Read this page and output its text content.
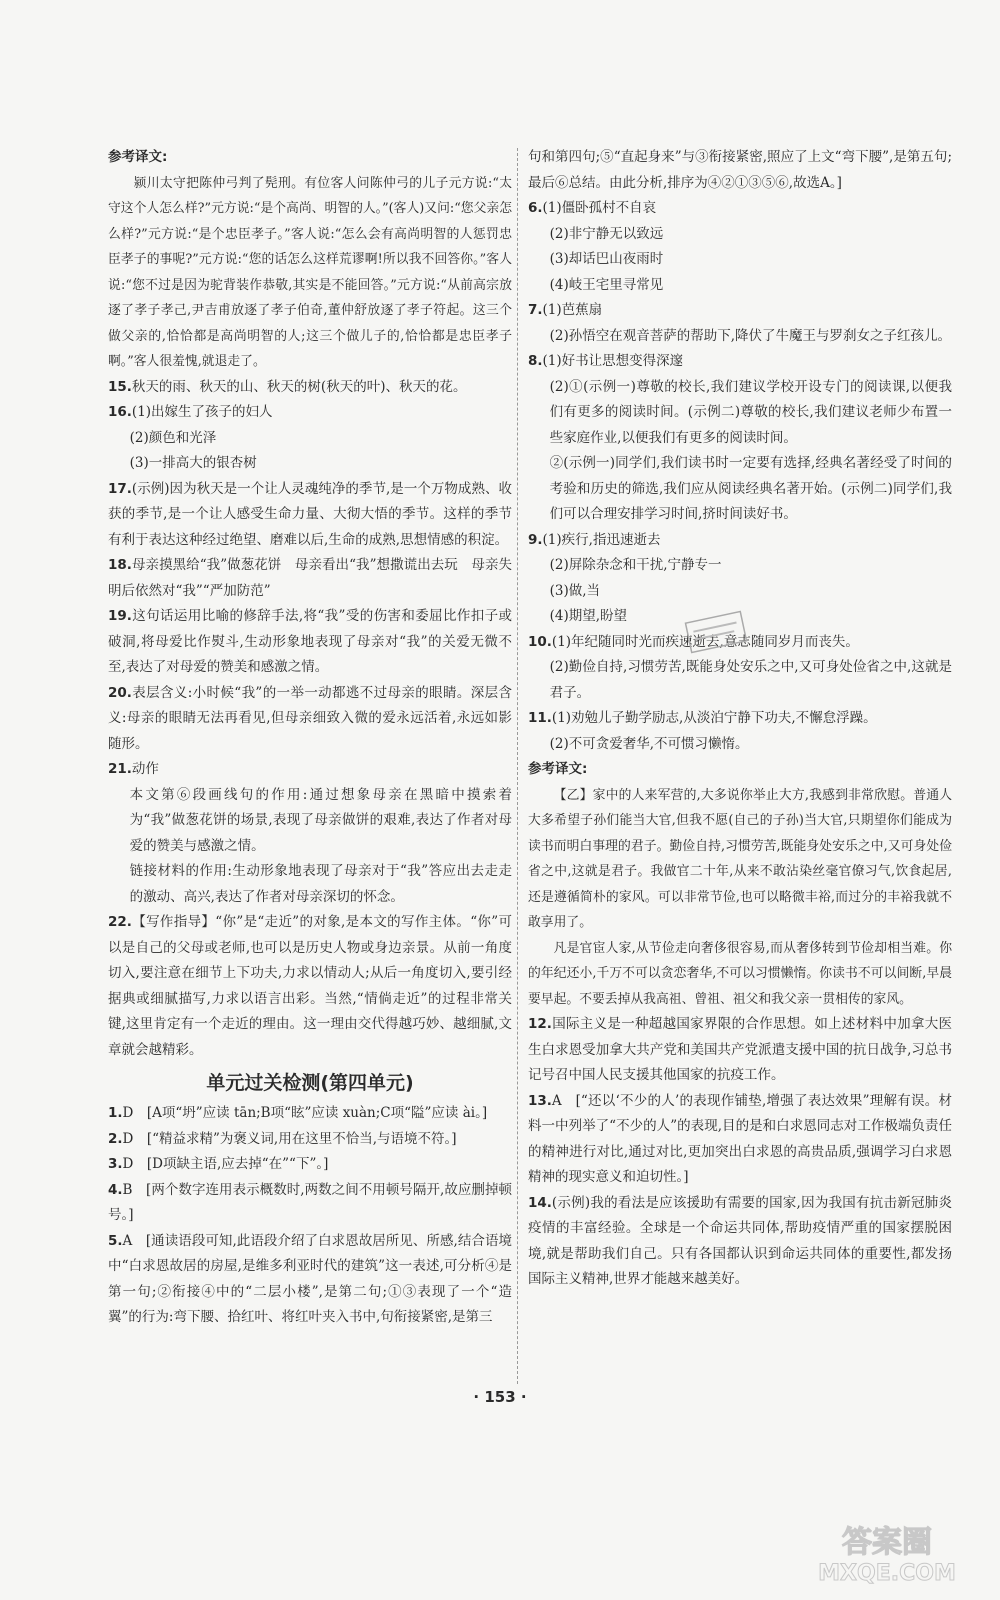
参考译文:

颍川太守把陈仲弓判了髡刑。有位客人问陈仲弓的儿子元方说:“太守这个人怎么样?”元方说:“是个高尚、明智的人。”(客人)又问:“您父亲怎么样?”元方说:“是个忠臣孝子。”客人说:“怎么会有高尚明智的人惩罚忠臣孝子的事呢?”元方说:“您的话怎么这样荒谬啊!所以我不回答你。”客人说:“您不过是因为驼背装作恭敬,其实是不能回答。”元方说:“从前高宗放逐了孝子孝己,尹吉甫放逐了孝子伯奇,董仲舒放逐了孝子符起。这三个做父亲的,恰恰都是高尚明智的人;这三个做儿子的,恰恰都是忠臣孝子啊。”客人很羞愧,就退走了。

15.秋天的雨、秋天的山、秋天的树(秋天的叶)、秋天的花。

16.(1)出嫁生了孩子的妇人

(2)颜色和光泽

(3)一排高大的银杏树

17.(示例)因为秋天是一个让人灵魂纯净的季节,是一个万物成熟、收获的季节,是一个让人感受生命力量、大彻大悟的季节。这样的季节有利于表达这种经过绝望、磨难以后,生命的成熟,思想情感的积淀。

18.母亲摸黑给“我”做葱花饼　母亲看出“我”想撒谎出去玩　母亲失明后依然对“我”“严加防范”

19.这句话运用比喻的修辞手法,将“我”受的伤害和委屈比作扣子或破洞,将母爱比作熨斗,生动形象地表现了母亲对“我”的关爱无微不至,表达了对母爱的赞美和感激之情。

20.表层含义:小时候“我”的一举一动都逃不过母亲的眼睛。深层含义:母亲的眼睛无法再看见,但母亲细致入微的爱永远活着,永远如影随形。

21.动作

本文第⑥段画线句的作用:通过想象母亲在黑暗中摸索着为“我”做葱花饼的场景,表现了母亲做饼的艰难,表达了作者对母爱的赞美与感激之情。

链接材料的作用:生动形象地表现了母亲对于“我”答应出去走走的激动、高兴,表达了作者对母亲深切的怀念。

22.【写作指导】“你”是“走近”的对象,是本文的写作主体。“你”可以是自己的父母或老师,也可以是历史人物或身边亲景。从前一角度切入,要注意在细节上下功夫,力求以情动人;从后一角度切入,要引经据典或细腻描写,力求以语言出彩。当然,“情倘走近”的过程非常关键,这里肯定有一个走近的理由。这一理由交代得越巧妙、越细腻,文章就会越精彩。

单元过关检测(第四单元)

1.D　[A项“坍”应读 tān;B项“眩”应读 xuàn;C项“隘”应读 ài。]

2.D　[“精益求精”为褒义词,用在这里不恰当,与语境不符。]

3.D　[D项缺主语,应去掉“在”“下”。]

4.B　[两个数字连用表示概数时,两数之间不用顿号隔开,故应删掉顿号。]

5.A　[通读语段可知,此语段介绍了白求恩故居所见、所感,结合语境中“白求恩故居的房屋,是维多利亚时代的建筑”这一表述,可分析④是第一句;②衔接④中的“二层小楼”,是第二句;①③表现了一个“造翼”的行为:弯下腰、拾红叶、将红叶夹入书中,句衔接紧密,是第三

句和第四句;⑤“直起身来”与③衔接紧密,照应了上文“弯下腰”,是第五句;最后⑥总结。由此分析,排序为④②①③⑤⑥,故选A。]

6.(1)僵卧孤村不自哀

(2)非宁静无以致远

(3)却话巴山夜雨时

(4)岐王宅里寻常见

7.(1)芭蕉扇

(2)孙悟空在观音菩萨的帮助下,降伏了牛魔王与罗刹女之子红孩儿。

8.(1)好书让思想变得深邃

(2)①(示例一)尊敬的校长,我们建议学校开设专门的阅读课,以便我们有更多的阅读时间。(示例二)尊敬的校长,我们建议老师少布置一些家庭作业,以便我们有更多的阅读时间。

②(示例一)同学们,我们读书时一定要有选择,经典名著经受了时间的考验和历史的筛选,我们应从阅读经典名著开始。(示例二)同学们,我们可以合理安排学习时间,挤时间读好书。

9.(1)疾行,指迅速逝去

(2)屏除杂念和干扰,宁静专一

(3)做,当

(4)期望,盼望

10.(1)年纪随同时光而疾速逝去,意志随同岁月而丧失。

(2)勤俭自持,习惯劳苦,既能身处安乐之中,又可身处俭省之中,这就是君子。

11.(1)劝勉儿子勤学励志,从淡泊宁静下功夫,不懈怠浮躁。

(2)不可贪爱奢华,不可惯习懒惰。

参考译文:

【乙】家中的人来军营的,大多说你举止大方,我感到非常欣慰。普通人大多希望子孙们能当大官,但我不愿(自己的子孙)当大官,只期望你们能成为读书而明白事理的君子。勤俭自持,习惯劳苦,既能身处安乐之中,又可身处俭省之中,这就是君子。我做官二十年,从来不敢沾染丝毫官僚习气,饮食起居,还是遵循简朴的家风。可以非常节俭,也可以略微丰裕,而过分的丰裕我就不敢享用了。

凡是官宦人家,从节俭走向奢侈很容易,而从奢侈转到节俭却相当难。你的年纪还小,千万不可以贪恋奢华,不可以习惯懒惰。你读书不可以间断,早晨要早起。不要丢掉从我高祖、曾祖、祖父和我父亲一贯相传的家风。

12.国际主义是一种超越国家界限的合作思想。如上述材料中加拿大医生白求恩受加拿大共产党和美国共产党派遣支援中国的抗日战争,习总书记号召中国人民支援其他国家的抗疫工作。

13.A　[“还以‘不少的人’的表现作铺垫,增强了表达效果”理解有误。材料一中列举了“不少的人”的表现,目的是和白求恩同志对工作极端负责任的精神进行对比,通过对比,更加突出白求恩的高贵品质,强调学习白求恩精神的现实意义和迫切性。]

14.(示例)我的看法是应该援助有需要的国家,因为我国有抗击新冠肺炎疫情的丰富经验。全球是一个命运共同体,帮助疫情严重的国家摆脱困境,就是帮助我们自己。只有各国都认识到命运共同体的重要性,都发扬国际主义精神,世界才能越来越美好。

· 153 ·
答案圈
MXQE.COM
